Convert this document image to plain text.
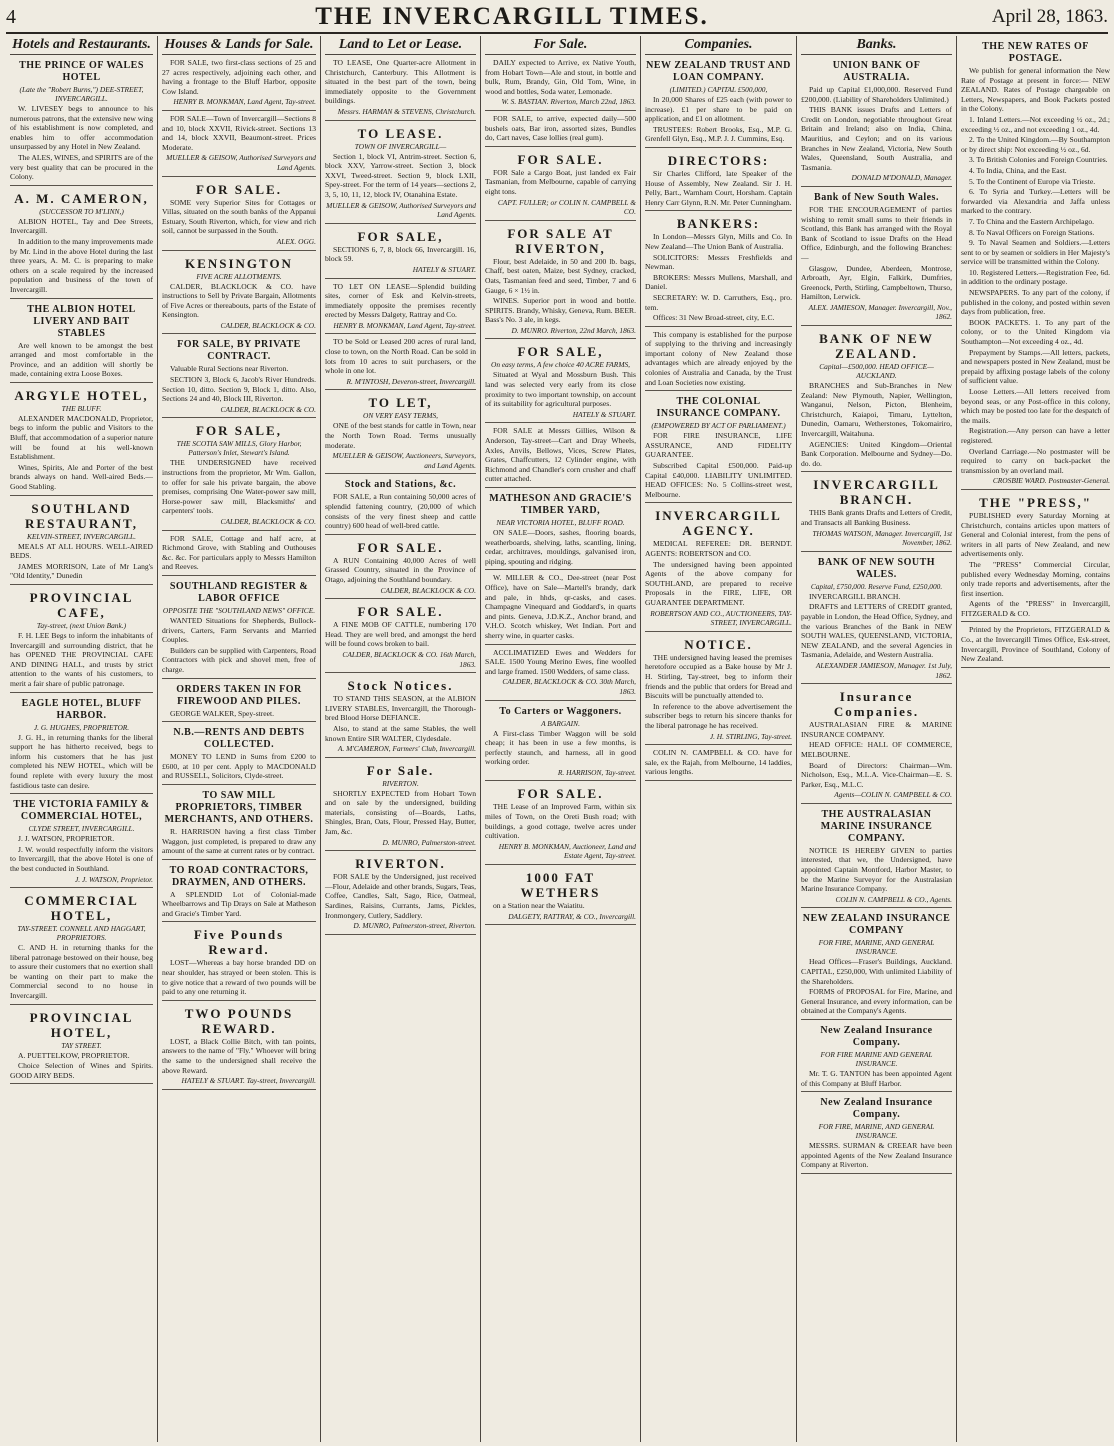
4	THE INVERCARGILL TIMES.	April 28, 1863.
Hotels and Restaurants.
THE PRINCE OF WALES HOTEL
(Late the "Robert Burns,") DEE-STREET, INVERCARGILL.
W. LIVESEY begs to announce to his numerous patrons, that the extensive new wing of his establishment is now completed, and enables him to offer accommodation unsurpassed by any Hotel in New Zealand.
The ALES, WINES, and SPIRITS are of the very best quality that can be procured in the Colony.
A. M. CAMERON,
(SUCCESSOR TO M'LINN,)
ALBION HOTEL, Tay and Dee Streets, Invercargill.
In addition to the many improvements made by Mr. Lind in the above Hotel during the last three years, A. M. C. is preparing to make others on a scale required by the increased population and business of the town of Invercargill.
THE ALBION HOTEL LIVERY AND BAIT STABLES
Are well known to be amongst the best arranged and most comfortable in the Province, and an addition will shortly be made, containing extra Loose Boxes.
ARGYLE HOTEL,
THE BLUFF.
ALEXANDER MACDONALD, Proprietor, begs to inform the public and Visitors to the Bluff, that accommodation of a superior nature will be found at his well-known Establishment.
Wines, Spirits, Ale and Porter of the best brands always on hand. Well-aired Beds.—Good Stabling.
SOUTHLAND RESTAURANT,
KELVIN-STREET, INVERCARGILL.
MEALS AT ALL HOURS. WELL-AIRED BEDS.
JAMES MORRISON, Late of Mr Lang's "Old Identity," Dunedin
PROVINCIAL CAFE,
Tay-street, (next Union Bank.)
F. H. LEE Begs to inform the inhabitants of Invercargill and surrounding district, that he has OPENED THE PROVINCIAL CAFE AND DINING HALL, and trusts by strict attention to the wants of his customers, to merit a fair share of public patronage.
EAGLE HOTEL, BLUFF HARBOR.
J. G. HUGHES, PROPRIETOR.
J. G. H., in returning thanks for the liberal support he has hitherto received, begs to inform his customers that he has just completed his NEW HOTEL, which will be found replete with every luxury the most fastidious taste can desire.
THE VICTORIA FAMILY & COMMERCIAL HOTEL,
CLYDE STREET, INVERCARGILL.
J. J. WATSON, PROPRIETOR.
J. W. would respectfully inform the visitors to Invercargill, that the above Hotel is one of the best conducted in Southland.
J. J. WATSON, Proprietor.
COMMERCIAL HOTEL,
TAY-STREET. CONNELL AND HAGGART, PROPRIETORS.
C. AND H. in returning thanks for the liberal patronage bestowed on their house, beg to assure their customers that no exertion shall be wanting on their part to make the Commercial second to no house in Invercargill.
PROVINCIAL HOTEL,
TAY STREET.
A. PUETTELKOW, PROPRIETOR.
Choice Selection of Wines and Spirits. GOOD AIRY BEDS.
Houses & Lands for Sale.
FOR SALE, two first-class sections of 25 and 27 acres respectively, adjoining each other, and having a frontage to the Bluff Harbor, opposite Cow Island.
HENRY B. MONKMAN, Land Agent, Tay-street.
FOR SALE—Town of Invercargill—Sections 8 and 10, block XXVII, Rivick-street. Sections 13 and 14, block XXVII, Beaumont-street. Prices Moderate.
MUELLER & GEISOW, Authorised Surveyors and Land Agents.
FOR SALE.
SOME very Superior Sites for Cottages or Villas, situated on the south banks of the Appanui Estuary, South Riverton, which, for view and rich soil, cannot be surpassed in the South.
ALEX. OGG.
KENSINGTON
FIVE ACRE ALLOTMENTS.
CALDER, BLACKLOCK & CO. have instructions to Sell by Private Bargain, Allotments of Five Acres or thereabouts, parts of the Estate of Kensington.
CALDER, BLACKLOCK & CO.
FOR SALE, BY PRIVATE CONTRACT.
Valuable Rural Sections near Riverton.
SECTION 3, Block 6, Jacob's River Hundreds. Section 10, ditto. Section 9, Block 1, ditto. Also, Sections 24 and 40, Block III, Riverton.
CALDER, BLACKLOCK & CO.
FOR SALE,
THE SCOTIA SAW MILLS, Glory Harbor, Patterson's Inlet, Stewart's Island.
THE UNDERSIGNED have received instructions from the proprietor, Mr Wm. Gallon, to offer for sale his private bargain, the above premises, comprising One Water-power saw mill, Horse-power saw mill, Blacksmiths' and carpenters' tools.
CALDER, BLACKLOCK & CO.
FOR SALE, Cottage and half acre, at Richmond Grove, with Stabling and Outhouses &c. &c. For particulars apply to Messrs Hamilton and Reeves.
SOUTHLAND REGISTER & LABOR OFFICE
OPPOSITE THE "SOUTHLAND NEWS" OFFICE.
WANTED Situations for Shepherds, Bullock-drivers, Carters, Farm Servants and Married Couples.
Builders can be supplied with Carpenters, Road Contractors with pick and shovel men, free of charge.
ORDERS TAKEN IN FOR FIREWOOD AND PILES.
GEORGE WALKER, Spey-street.
N.B.—RENTS AND DEBTS COLLECTED.
MONEY TO LEND in Sums from £200 to £600, at 10 per cent. Apply to MACDONALD and RUSSELL, Solicitors, Clyde-street.
TO SAW MILL PROPRIETORS, TIMBER MERCHANTS, AND OTHERS.
R. HARRISON having a first class Timber Waggon, just completed, is prepared to draw any amount of the same at current rates or by contract.
TO ROAD CONTRACTORS, DRAYMEN, AND OTHERS.
A SPLENDID Lot of Colonial-made Wheelbarrows and Tip Drays on Sale at Matheson and Gracie's Timber Yard.
Five Pounds Reward.
LOST—Whereas a bay horse branded DD on near shoulder, has strayed or been stolen. This is to give notice that a reward of two pounds will be paid to any one returning it.
TWO POUNDS REWARD.
LOST, a Black Collie Bitch, with tan points, answers to the name of "Fly." Whoever will bring the same to the undersigned shall receive the above Reward.
HATELY & STUART. Tay-street, Invercargill.
Land to Let or Lease.
TO LEASE, One Quarter-acre Allotment in Christchurch, Canterbury. This Allotment is situated in the best part of the town, being immediately opposite to the Government buildings.
Messrs. HARMAN & STEVENS, Christchurch.
TO LEASE.
TOWN OF INVERCARGILL—
Section 1, block VI, Antrim-street. Section 6, block XXV, Yarrow-street. Section 3, block XXVI, Tweed-street. Section 9, block LXII, Spey-street. For the term of 14 years—sections 2, 3, 5, 10, 11, 12, block IV, Otanahina Estate.
MUELLER & GEISOW, Authorised Surveyors and Land Agents.
FOR SALE,
SECTIONS 6, 7, 8, block 66, Invercargill. 16, block 59.
HATELY & STUART.
TO LET ON LEASE—Splendid building sites, corner of Esk and Kelvin-streets, immediately opposite the premises recently erected by Messrs Dalgety, Rattray and Co.
HENRY B. MONKMAN, Land Agent, Tay-street.
TO be Sold or Leased 200 acres of rural land, close to town, on the North Road. Can be sold in lots from 10 acres to suit purchasers, or the whole in one lot.
R. M'INTOSH, Deveron-street, Invercargill.
TO LET,
ON VERY EASY TERMS,
ONE of the best stands for cattle in Town, near the North Town Road. Terms unusually moderate.
MUELLER & GEISOW, Auctioneers, Surveyors, and Land Agents.
Stock and Stations, &c.
FOR SALE, a Run containing 50,000 acres of splendid fattening country, (20,000 of which consists of the very finest sheep and cattle country) 600 head of well-bred cattle.
FOR SALE.
A RUN Containing 40,000 Acres of well Grassed Country, situated in the Province of Otago, adjoining the Southland boundary.
CALDER, BLACKLOCK & CO.
FOR SALE.
A FINE MOB OF CATTLE, numbering 170 Head. They are well bred, and amongst the herd will be found cows broken to bail.
CALDER, BLACKLOCK & CO. 16th March, 1863.
Stock Notices.
TO STAND THIS SEASON, at the ALBION LIVERY STABLES, Invercargill, the Thorough-bred Blood Horse DEFIANCE.
Also, to stand at the same Stables, the well known Entire SIR WALTER, Clydesdale.
A. M'CAMERON, Farmers' Club, Invercargill.
For Sale.
RIVERTON.
SHORTLY EXPECTED from Hobart Town and on sale by the undersigned, building materials, consisting of—Boards, Laths, Shingles, Bran, Oats, Flour, Pressed Hay, Butter, Jam, &c.
D. MUNRO, Palmerston-street.
RIVERTON.
FOR SALE by the Undersigned, just received—Flour, Adelaide and other brands, Sugars, Teas, Coffee, Candles, Salt, Sago, Rice, Oatmeal, Sardines, Raisins, Currants, Jams, Pickles, Ironmongery, Cutlery, Saddlery.
D. MUNRO, Palmerston-street, Riverton.
For Sale.
DAILY expected to Arrive, ex Native Youth, from Hobart Town—Ale and stout, in bottle and bulk, Rum, Brandy, Gin, Old Tom, Wine, in wood and bottles, Soda water, Lemonade.
W. S. BASTIAN. Riverton, March 22nd, 1863.
FOR SALE, to arrive, expected daily—500 bushels oats, Bar iron, assorted sizes, Bundles do, Cart naves, Case lollies (real gum).
FOR SALE.
FOR Sale a Cargo Boat, just landed ex Fair Tasmanian, from Melbourne, capable of carrying eight tons.
CAPT. FULLER; or COLIN N. CAMPBELL & CO.
FOR SALE AT RIVERTON,
Flour, best Adelaide, in 50 and 200 lb. bags, Chaff, best oaten, Maize, best Sydney, cracked, Oats, Tasmanian feed and seed, Timber, 7 and 6 Gauge, 6 × 1½ in.
WINES. Superior port in wood and bottle. SPIRITS. Brandy, Whisky, Geneva, Rum. BEER. Bass's No. 3 ale, in kegs.
D. MUNRO. Riverton, 22nd March, 1863.
FOR SALE,
On easy terms, A few choice 40 ACRE FARMS,
Situated at Wyal and Mossburn Bush. This land was selected very early from its close proximity to two important township, on account of its suitability for agricultural purposes.
HATELY & STUART.
FOR SALE at Messrs Gillies, Wilson & Anderson, Tay-street—Cart and Dray Wheels, Axles, Anvils, Bellows, Vices, Screw Plates, Grates, Chaffcutters, 12 Cylinder engine, with Richmond and Chandler's corn crusher and chaff cutter attached.
MATHESON AND GRACIE'S TIMBER YARD,
NEAR VICTORIA HOTEL, BLUFF ROAD.
ON SALE—Doors, sashes, flooring boards, weatherboards, shelving, laths, scantling, lining, cedar, architraves, mouldings, galvanised iron, piping, spouting and ridging.
W. MILLER & CO., Dee-street (near Post Office), have on Sale—Martell's brandy, dark and pale, in hhds, qr-casks, and cases. Champagne Vinequard and Goddard's, in quarts and pints. Geneva, J.D.K.Z., Anchor brand, and V.H.O. Scotch whiskey, Wet Indian. Port and sherry wine, in quarter casks.
ACCLIMATIZED Ewes and Wedders for SALE. 1500 Young Merino Ewes, fine woolled and large framed. 1500 Wedders, of same class.
CALDER, BLACKLOCK & CO. 30th March, 1863.
To Carters or Waggoners.
A BARGAIN.
A First-class Timber Waggon will be sold cheap; it has been in use a few months, is perfectly staunch, and harness, all in good working order.
R. HARRISON, Tay-street.
FOR SALE.
THE Lease of an Improved Farm, within six miles of Town, on the Oreti Bush road; with buildings, a good cottage, twelve acres under cultivation.
HENRY B. MONKMAN, Auctioneer, Land and Estate Agent, Tay-street.
1000 FAT WETHERS
on a Station near the Waiatitu.
DALGETY, RATTRAY, & CO., Invercargill.
Companies.
NEW ZEALAND TRUST AND LOAN COMPANY.
(LIMITED.) CAPITAL £500,000,
In 20,000 Shares of £25 each (with power to increase). £1 per share to be paid on application, and £1 on allotment.
TRUSTEES: Robert Brooks, Esq., M.P. G. Grenfell Glyn, Esq., M.P. J. J. Cummins, Esq.
DIRECTORS:
Sir Charles Clifford, late Speaker of the House of Assembly, New Zealand. Sir J. H. Pelly, Bart., Warnham Court, Horsham. Captain Henry Carr Glynn, R.N. Mr. Peter Cunningham.
BANKERS:
In London—Messrs Glyn, Mills and Co. In New Zealand—The Union Bank of Australia.
SOLICITORS: Messrs Freshfields and Newman.
BROKERS: Messrs Mullens, Marshall, and Daniel.
SECRETARY: W. D. Carruthers, Esq., pro. tem.
Offices: 31 New Broad-street, city, E.C.
This company is established for the purpose of supplying to the thriving and increasingly important colony of New Zealand those advantages which are already enjoyed by the colonies of Australia and Canada, by the Trust and Loan Societies now existing.
THE COLONIAL INSURANCE COMPANY.
(EMPOWERED BY ACT OF PARLIAMENT.)
FOR FIRE INSURANCE, LIFE ASSURANCE, AND FIDELITY GUARANTEE.
Subscribed Capital £500,000. Paid-up Capital £40,000. LIABILITY UNLIMITED. HEAD OFFICES: No. 5 Collins-street west, Melbourne.
INVERCARGILL AGENCY.
MEDICAL REFEREE: DR. BERNDT. AGENTS: ROBERTSON and CO.
The undersigned having been appointed Agents of the above company for SOUTHLAND, are prepared to receive Proposals in the FIRE, LIFE, OR GUARANTEE DEPARTMENT.
ROBERTSON AND CO., AUCTIONEERS, TAY-STREET, INVERCARGILL.
NOTICE.
THE undersigned having leased the premises heretofore occupied as a Bake house by Mr J. H. Stirling, Tay-street, beg to inform their friends and the public that orders for Bread and Biscuits will be punctually attended to.
In reference to the above advertisement the subscriber begs to return his sincere thanks for the liberal patronage he has received.
J. H. STIRLING, Tay-street.
COLIN N. CAMPBELL & CO. have for sale, ex the Rajah, from Melbourne, 14 laddies, various lengths.
Banks.
UNION BANK OF AUSTRALIA.
Paid up Capital £1,000,000. Reserved Fund £200,000. (Liability of Shareholders Unlimited.)
THIS BANK issues Drafts and Letters of Credit on London, negotiable throughout Great Britain and Ireland; also on India, China, Mauritius, and Ceylon; and on its various Branches in New Zealand, Victoria, New South Wales, Queensland, South Australia, and Tasmania.
DONALD M'DONALD, Manager.
Bank of New South Wales.
FOR THE ENCOURAGEMENT of parties wishing to remit small sums to their friends in Scotland, this Bank has arranged with the Royal Bank of Scotland to issue Drafts on the Head Office, Edinburgh, and the following Branches:—
Glasgow, Dundee, Aberdeen, Montrose, Arbroath, Ayr, Elgin, Falkirk, Dumfries, Greenock, Perth, Stirling, Campbeltown, Thurso, Hamilton, Lerwick.
ALEX. JAMIESON, Manager. Invercargill, Nov., 1862.
BANK OF NEW ZEALAND.
Capital—£500,000. HEAD OFFICE—AUCKLAND.
BRANCHES and Sub-Branches in New Zealand: New Plymouth, Napier, Wellington, Wanganui, Nelson, Picton, Blenheim, Christchurch, Kaiapoi, Timaru, Lyttelton, Dunedin, Oamaru, Wetherstones, Tokomairiro, Invercargill, Waitahuna.
AGENCIES: United Kingdom—Oriental Bank Corporation. Melbourne and Sydney—Do. do. do.
INVERCARGILL BRANCH.
THIS Bank grants Drafts and Letters of Credit, and Transacts all Banking Business.
THOMAS WATSON, Manager. Invercargill, 1st November, 1862.
BANK OF NEW SOUTH WALES.
Capital, £750,000. Reserve Fund, £250,000.
INVERCARGILL BRANCH.
DRAFTS and LETTERS of CREDIT granted, payable in London, the Head Office, Sydney, and the various Branches of the Bank in NEW SOUTH WALES, QUEENSLAND, VICTORIA, NEW ZEALAND, and the several Agencies in Tasmania, Adelaide, and Western Australia.
ALEXANDER JAMIESON, Manager. 1st July, 1862.
Insurance Companies.
AUSTRALASIAN FIRE & MARINE INSURANCE COMPANY.
HEAD OFFICE: HALL OF COMMERCE, MELBOURNE.
Board of Directors: Chairman—Wm. Nicholson, Esq., M.L.A. Vice-Chairman—E. S. Parker, Esq., M.L.C.
Agents—COLIN N. CAMPBELL & CO.
THE AUSTRALASIAN MARINE INSURANCE COMPANY.
NOTICE IS HEREBY GIVEN to parties interested, that we, the Undersigned, have appointed Captain Montford, Harbor Master, to be the Marine Surveyor for the Australasian Marine Insurance Company.
COLIN N. CAMPBELL & CO., Agents.
NEW ZEALAND INSURANCE COMPANY
FOR FIRE, MARINE, AND GENERAL INSURANCE.
Head Offices—Fraser's Buildings, Auckland. CAPITAL, £250,000, With unlimited Liability of the Shareholders.
FORMS of PROPOSAL for Fire, Marine, and General Insurance, and every information, can be obtained at the Company's Agents.
New Zealand Insurance Company.
FOR FIRE MARINE AND GENERAL INSURANCE.
Mr. T. G. TANTON has been appointed Agent of this Company at Bluff Harbor.
New Zealand Insurance Company.
FOR FIRE, MARINE, AND GENERAL INSURANCE.
MESSRS. SURMAN & CREEAR have been appointed Agents of the New Zealand Insurance Company at Riverton.
THE NEW RATES OF POSTAGE.
We publish for general information the New Rate of Postage at present in force:— NEW ZEALAND. Rates of Postage chargeable on Letters, Newspapers, and Book Packets posted in the Colony.
1. Inland Letters.—Not exceeding ½ oz., 2d.; exceeding ½ oz., and not exceeding 1 oz., 4d.
2. To the United Kingdom.—By Southampton or by direct ship: Not exceeding ½ oz., 6d.
3. To British Colonies and Foreign Countries.
4. To India, China, and the East.
5. To the Continent of Europe via Trieste.
6. To Syria and Turkey.—Letters will be forwarded via Alexandria and Jaffa unless marked to the contrary.
7. To China and the Eastern Archipelago.
8. To Naval Officers on Foreign Stations.
9. To Naval Seamen and Soldiers.—Letters sent to or by seamen or soldiers in Her Majesty's service will be transmitted within the Colony.
10. Registered Letters.—Registration Fee, 6d. in addition to the ordinary postage.
NEWSPAPERS. To any part of the colony, if published in the colony, and posted within seven days from publication, free.
BOOK PACKETS. 1. To any part of the colony, or to the United Kingdom via Southampton—Not exceeding 4 oz., 4d.
Prepayment by Stamps.—All letters, packets, and newspapers posted in New Zealand, must be prepaid by affixing postage labels of the colony of sufficient value.
Loose Letters.—All letters received from beyond seas, or any Post-office in this colony, which may be posted too late for the despatch of the mails.
Registration.—Any person can have a letter registered.
Overland Carriage.—No postmaster will be required to carry on back-packet the transmission by an overland mail.
CROSBIE WARD. Postmaster-General.
THE "PRESS,"
PUBLISHED every Saturday Morning at Christchurch, contains articles upon matters of General and Colonial interest, from the pens of writers in all parts of New Zealand, and new advertisements only.
The "PRESS" Commercial Circular, published every Wednesday Morning, contains only trade reports and advertisements, after the first insertion.
Agents of the "PRESS" in Invercargill, FITZGERALD & CO.
Printed by the Proprietors, FITZGERALD & Co., at the Invercargill Times Office, Esk-street, Invercargill, Province of Southland, Colony of New Zealand.
